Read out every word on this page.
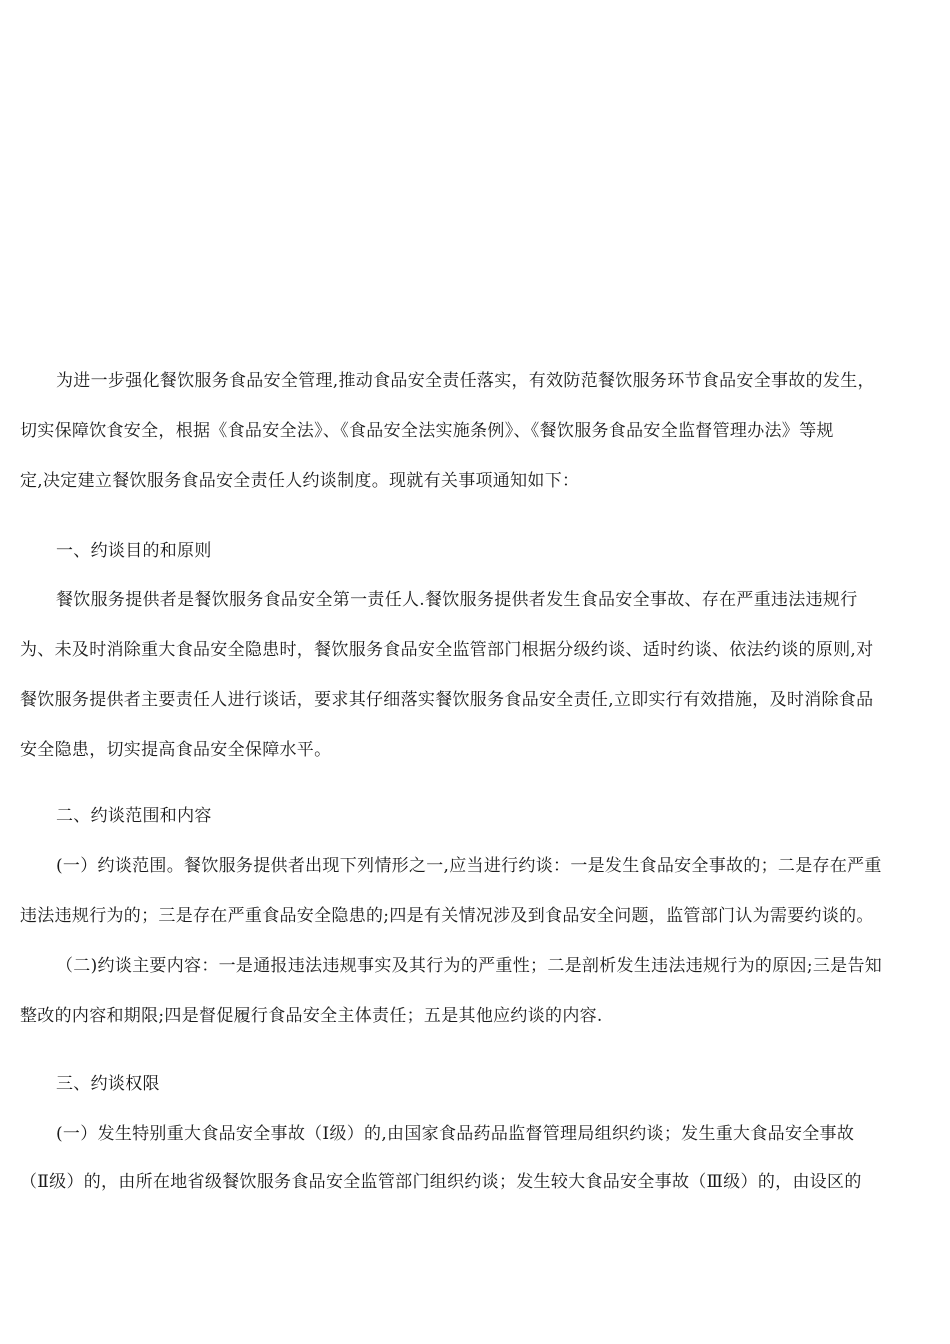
为进一步强化餐饮服务食品安全管理,推动食品安全责任落实，有效防范餐饮服务环节食品安全事故的发生，
切实保障饮食安全，根据《食品安全法》、《食品安全法实施条例》、《餐饮服务食品安全监督管理办法》等规
定,决定建立餐饮服务食品安全责任人约谈制度。现就有关事项通知如下：
一、约谈目的和原则
餐饮服务提供者是餐饮服务食品安全第一责任人.餐饮服务提供者发生食品安全事故、存在严重违法违规行
为、未及时消除重大食品安全隐患时，餐饮服务食品安全监管部门根据分级约谈、适时约谈、依法约谈的原则,对
餐饮服务提供者主要责任人进行谈话，要求其仔细落实餐饮服务食品安全责任,立即实行有效措施，及时消除食品
安全隐患，切实提高食品安全保障水平。
二、约谈范围和内容
(一）约谈范围。餐饮服务提供者出现下列情形之一,应当进行约谈：一是发生食品安全事故的；二是存在严重
违法违规行为的；三是存在严重食品安全隐患的;四是有关情况涉及到食品安全问题，监管部门认为需要约谈的。
（二)约谈主要内容：一是通报违法违规事实及其行为的严重性；二是剖析发生违法违规行为的原因;三是告知
整改的内容和期限;四是督促履行食品安全主体责任；五是其他应约谈的内容.
三、约谈权限
(一）发生特别重大食品安全事故（Ⅰ级）的,由国家食品药品监督管理局组织约谈；发生重大食品安全事故
（Ⅱ级）的，由所在地省级餐饮服务食品安全监管部门组织约谈；发生较大食品安全事故（Ⅲ级）的，由设区的
